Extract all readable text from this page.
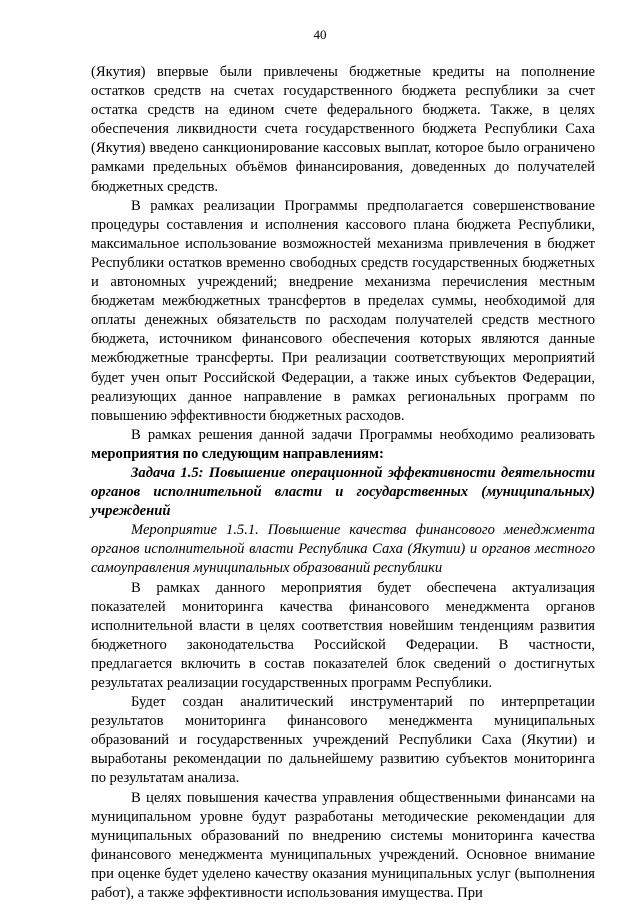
40

(Якутия) впервые были привлечены бюджетные кредиты на пополнение остатков средств на счетах государственного бюджета республики за счет остатка средств на едином счете федерального бюджета. Также, в целях обеспечения ликвидности счета государственного бюджета Республики Саха (Якутия) введено санкционирование кассовых выплат, которое было ограничено рамками предельных объёмов финансирования, доведенных до получателей бюджетных средств.

В рамках реализации Программы предполагается совершенствование процедуры составления и исполнения кассового плана бюджета Республики, максимальное использование возможностей механизма привлечения в бюджет Республики остатков временно свободных средств государственных бюджетных и автономных учреждений; внедрение механизма перечисления местным бюджетам межбюджетных трансфертов в пределах суммы, необходимой для оплаты денежных обязательств по расходам получателей средств местного бюджета, источником финансового обеспечения которых являются данные межбюджетные трансферты. При реализации соответствующих мероприятий будет учен опыт Российской Федерации, а также иных субъектов Федерации, реализующих данное направление в рамках региональных программ по повышению эффективности бюджетных расходов.

В рамках решения данной задачи Программы необходимо реализовать мероприятия по следующим направлениям:

Задача 1.5: Повышение операционной эффективности деятельности органов исполнительной власти и государственных (муниципальных) учреждений

Мероприятие 1.5.1. Повышение качества финансового менеджмента органов исполнительной власти Республика Саха (Якутии) и органов местного самоуправления муниципальных образований республики

В рамках данного мероприятия будет обеспечена актуализация показателей мониторинга качества финансового менеджмента органов исполнительной власти в целях соответствия новейшим тенденциям развития бюджетного законодательства Российской Федерации. В частности, предлагается включить в состав показателей блок сведений о достигнутых результатах реализации государственных программ Республики.

Будет создан аналитический инструментарий по интерпретации результатов мониторинга финансового менеджмента муниципальных образований и государственных учреждений Республики Саха (Якутии) и выработаны рекомендации по дальнейшему развитию субъектов мониторинга по результатам анализа.

В целях повышения качества управления общественными финансами на муниципальном уровне будут разработаны методические рекомендации для муниципальных образований по внедрению системы мониторинга качества финансового менеджмента муниципальных учреждений. Основное внимание при оценке будет уделено качеству оказания муниципальных услуг (выполнения работ), а также эффективности использования имущества. При
